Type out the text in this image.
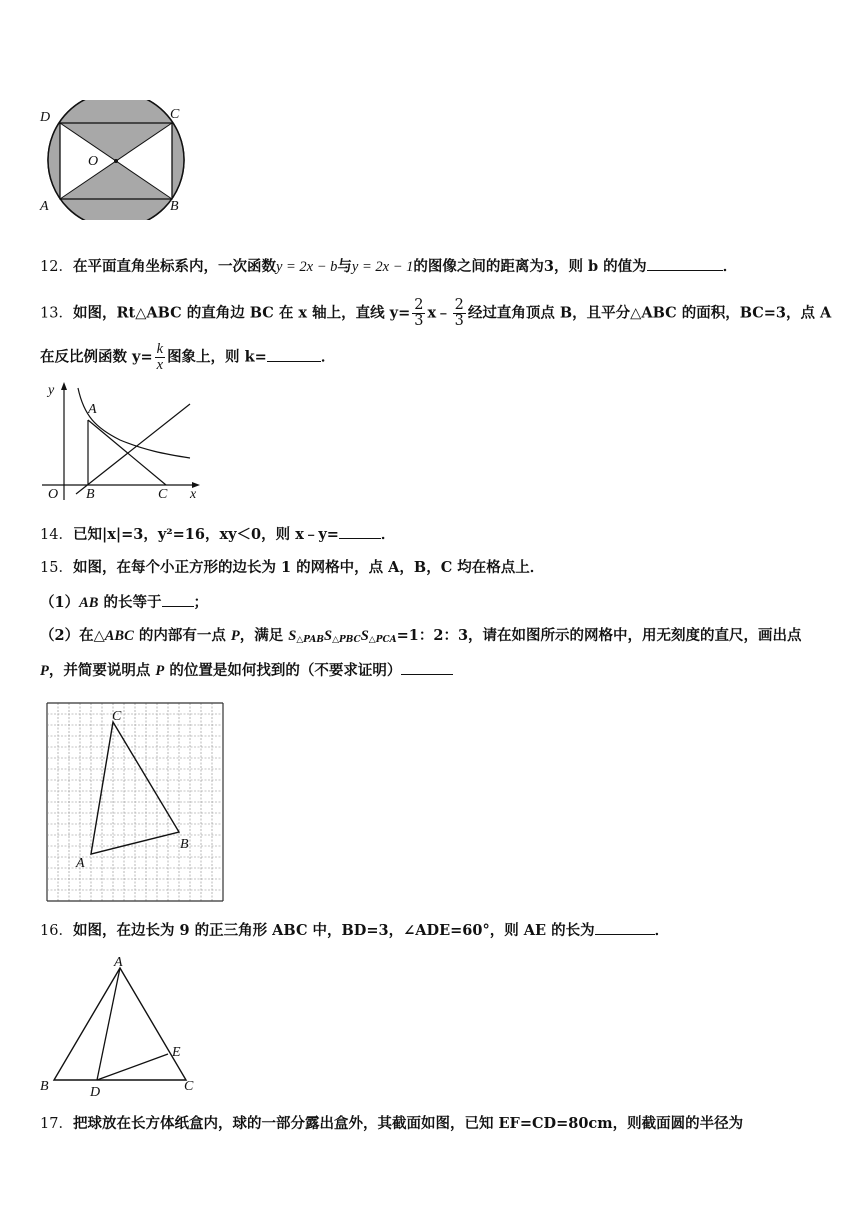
D	C
O
A	B
12．在平面直角坐标系内，一次函数y = 2x − b与y = 2x − 1的图像之间的距离为3，则 b 的值为	．
13．如图，Rt△ABC 的直角边 BC 在 x 轴上，直线 $y= \frac{2}{3}$ x﹣ $\frac{2}{3}$ 经过直角顶点 B，且平分△ABC 的面积，BC=3，点 A
在反比例函数 $y= \frac{k}{x}$ 图象上，则 k=	．
y
A
O B	C x
14．已知|x|=3，y²=16，xy＜0，则 x﹣y=	．
15．如图，在每个小正方形的边长为 1 的网格中，点 A，B，C 均在格点上．
（1）AB 的长等于 ；
（2）在△ABC 的内部有一点 P，满足 $S_{\triangle PAB}S_{\triangle PBC}S_{\triangle PCA}=1$：2：3，请在如图所示的网格中，用无刻度的直尺，画出点
P，并简要说明点 P 的位置是如何找到的（不要求证明）
C
B
A
16．如图，在边长为 9 的正三角形 ABC 中，BD=3，∠ADE=60°，则 AE 的长为	．
A
E
B	D	C
17．把球放在长方体纸盒内，球的一部分露出盒外，其截面如图，已知 EF=CD=80cm，则截面圆的半径为
